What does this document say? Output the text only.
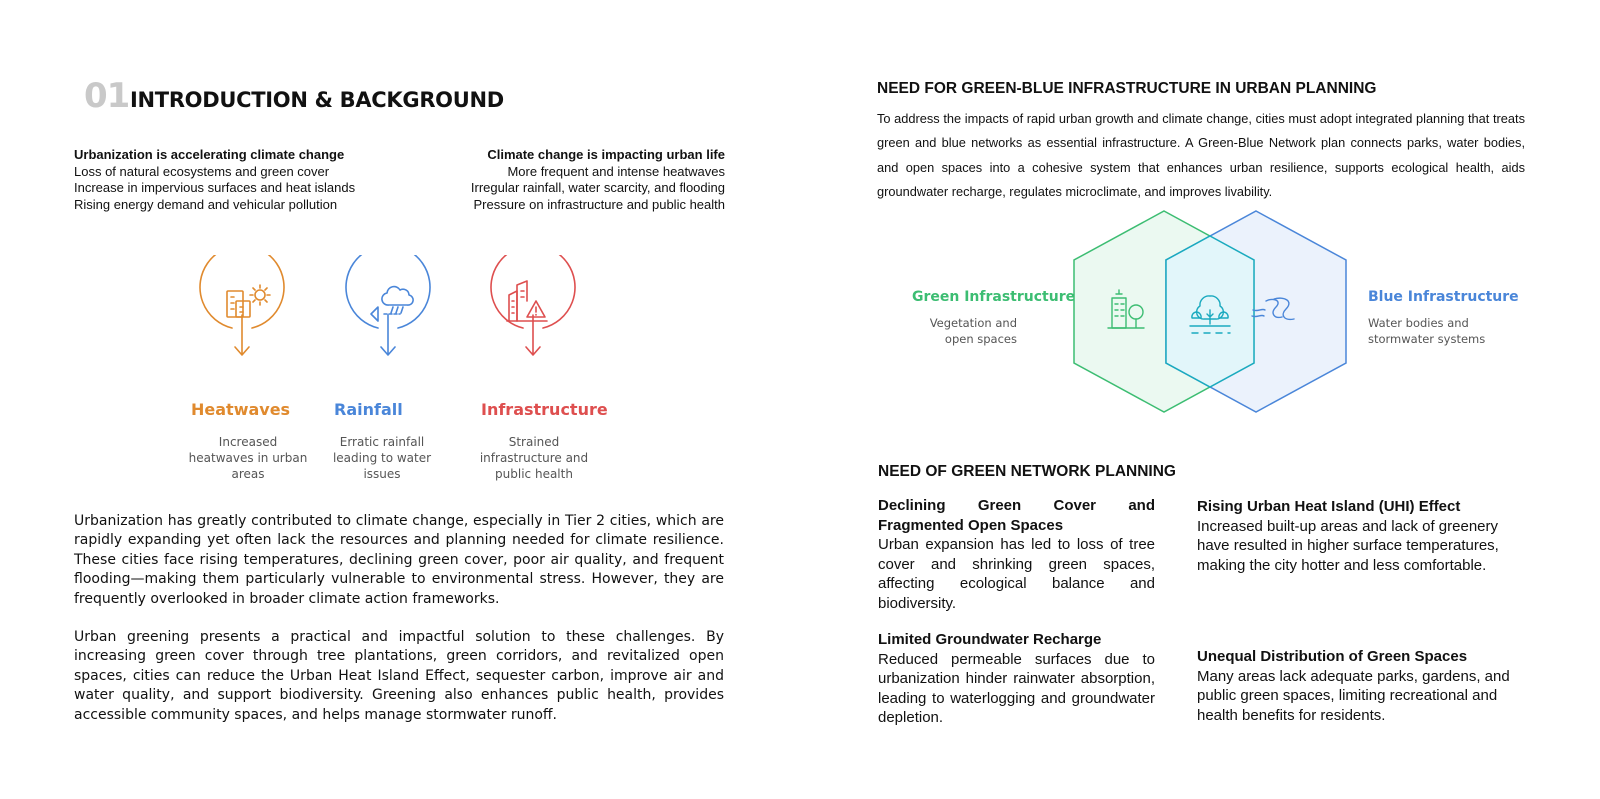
01 INTRODUCTION & BACKGROUND
Urbanization is accelerating climate change
Loss of natural ecosystems and green cover
Increase in impervious surfaces and heat islands
Rising energy demand and vehicular pollution
Climate change is impacting urban life
More frequent and intense heatwaves
Irregular rainfall, water scarcity, and flooding
Pressure on infrastructure and public health
Heatwaves	Rainfall	Infrastructure
Increased heatwaves in urban areas
Erratic rainfall leading to water issues
Strained infrastructure and public health
Urbanization has greatly contributed to climate change, especially in Tier 2 cities, which are rapidly expanding yet often lack the resources and planning needed for climate resilience. These cities face rising temperatures, declining green cover, poor air quality, and frequent flooding—making them particularly vulnerable to environmental stress. However, they are frequently overlooked in broader climate action frameworks.
Urban greening presents a practical and impactful solution to these challenges. By increasing green cover through tree plantations, green corridors, and revitalized open spaces, cities can reduce the Urban Heat Island Effect, sequester carbon, improve air and water quality, and support biodiversity. Greening also enhances public health, provides accessible community spaces, and helps manage stormwater runoff.
NEED FOR GREEN-BLUE INFRASTRUCTURE IN URBAN PLANNING
To address the impacts of rapid urban growth and climate change, cities must adopt integrated planning that treats green and blue networks as essential infrastructure. A Green-Blue Network plan connects parks, water bodies, and open spaces into a cohesive system that enhances urban resilience, supports ecological health, aids groundwater recharge, regulates microclimate, and improves livability.
Green Infrastructure
Vegetation and open spaces
Blue Infrastructure
Water bodies and stormwater systems
NEED OF GREEN NETWORK PLANNING
Declining Green Cover and Fragmented Open Spaces
Urban expansion has led to loss of tree cover and shrinking green spaces, affecting ecological balance and biodiversity.
Rising Urban Heat Island (UHI) Effect
Increased built-up areas and lack of greenery have resulted in higher surface temperatures, making the city hotter and less comfortable.
Limited Groundwater Recharge
Reduced permeable surfaces due to urbanization hinder rainwater absorption, leading to waterlogging and groundwater depletion.
Unequal Distribution of Green Spaces
Many areas lack adequate parks, gardens, and public green spaces, limiting recreational and health benefits for residents.
